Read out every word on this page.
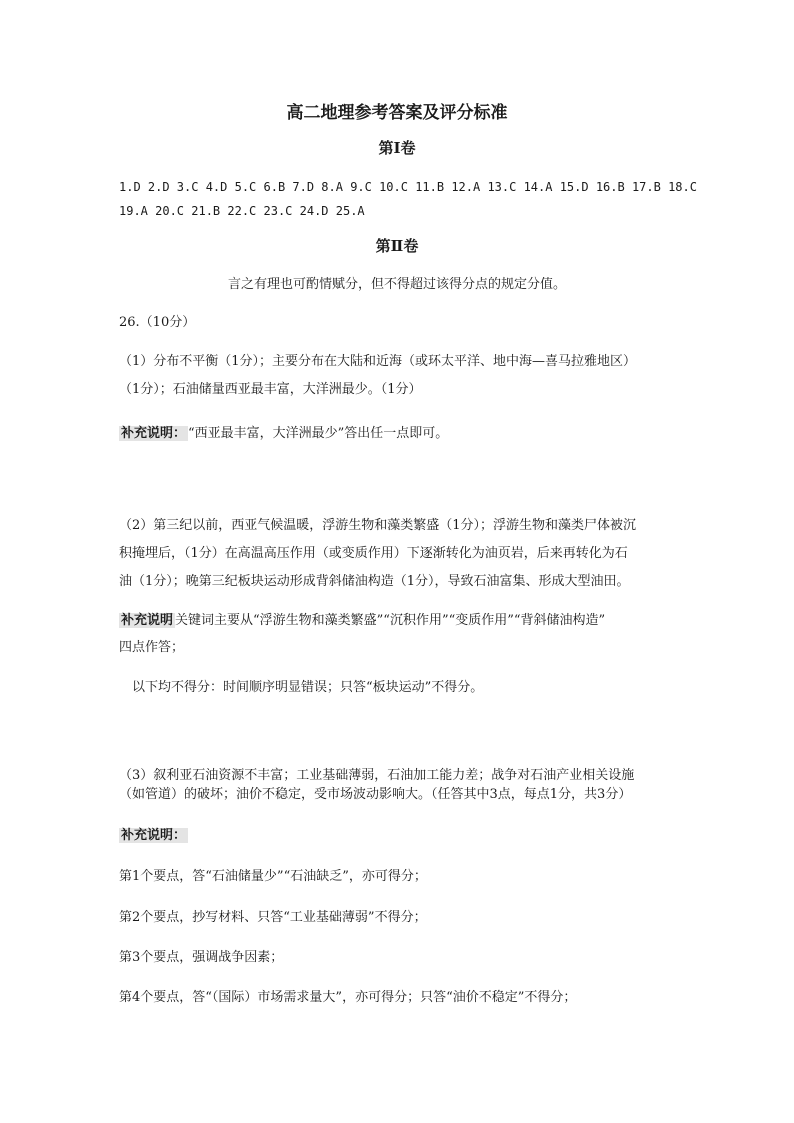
高二地理参考答案及评分标准
第Ⅰ卷
1.D 2.D 3.C 4.D 5.C 6.B 7.D 8.A 9.C 10.C 11.B 12.A 13.C 14.A 15.D 16.B 17.B 18.C
19.A 20.C 21.B 22.C 23.C 24.D 25.A
第Ⅱ卷
言之有理也可酌情赋分，但不得超过该得分点的规定分值。
26.（10分）
（1）分布不平衡（1分）；主要分布在大陆和近海（或环太平洋、地中海—喜马拉雅地区）
（1分）；石油储量西亚最丰富，大洋洲最少。（1分）
补充说明： “西亚最丰富，大洋洲最少”答出任一点即可。
（2）第三纪以前，西亚气候温暖，浮游生物和藻类繁盛（1分）；浮游生物和藻类尸体被沉
积掩埋后，（1分）在高温高压作用（或变质作用）下逐渐转化为油页岩，后来再转化为石
油（1分）；晚第三纪板块运动形成背斜储油构造（1分），导致石油富集、形成大型油田。
补充说明 关键词主要从“浮游生物和藻类繁盛”“沉积作用”“变质作用”“背斜储油构造”
四点作答；
以下均不得分：时间顺序明显错误；只答“板块运动”不得分。
（3）叙利亚石油资源不丰富；工业基础薄弱，石油加工能力差；战争对石油产业相关设施
（如管道）的破坏；油价不稳定，受市场波动影响大。（任答其中3点，每点1分，共3分）
补充说明：
第1个要点，答“石油储量少”“石油缺乏”，亦可得分；
第2个要点，抄写材料、只答“工业基础薄弱”不得分；
第3个要点，强调战争因素；
第4个要点，答“（国际）市场需求量大”，亦可得分；只答“油价不稳定”不得分；
